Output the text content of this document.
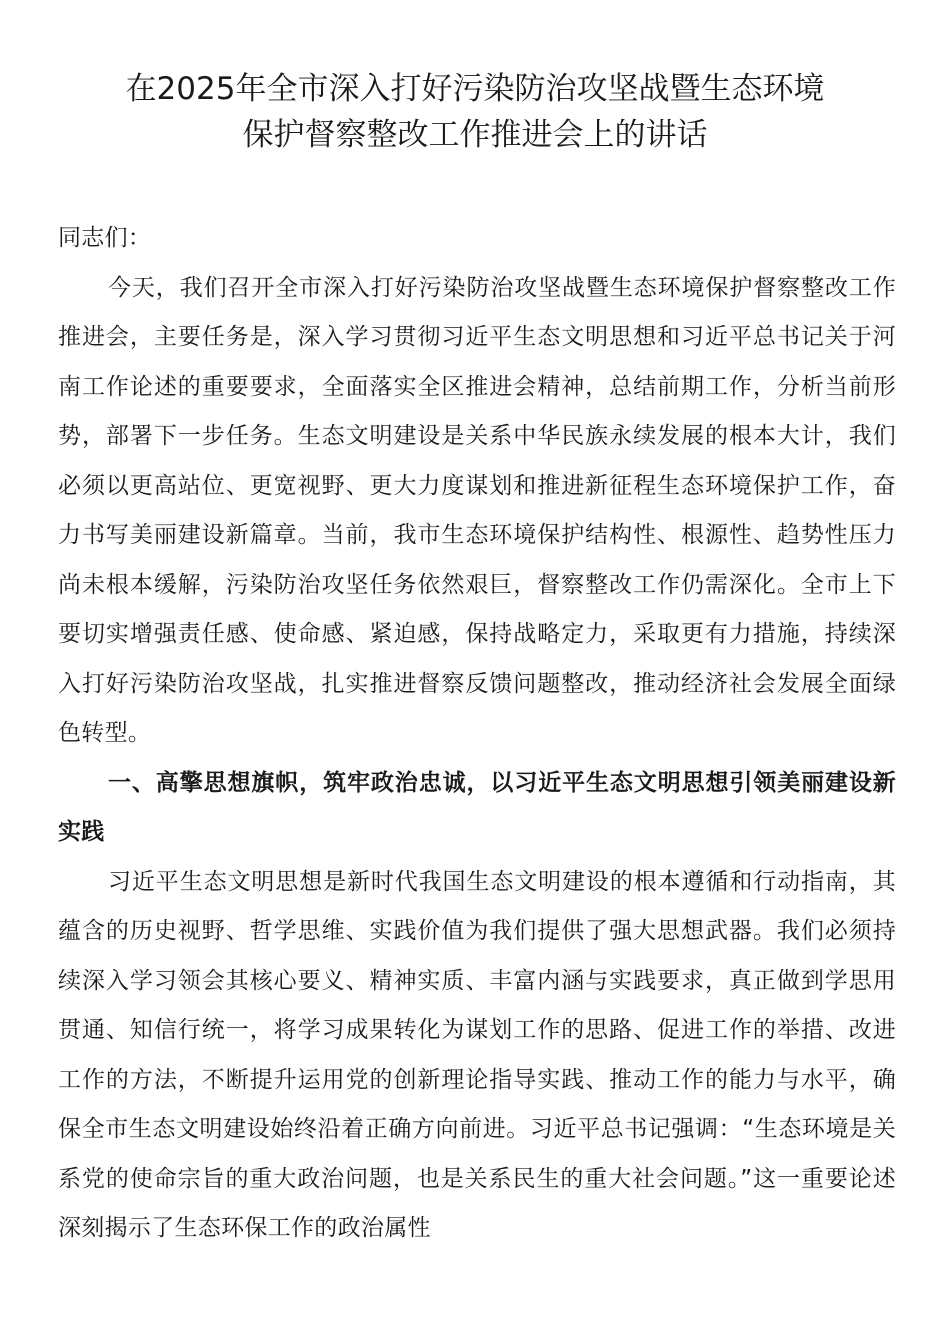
在2025年全市深入打好污染防治攻坚战暨生态环境
保护督察整改工作推进会上的讲话

同志们：

今天，我们召开全市深入打好污染防治攻坚战暨生态环境保护督察整改工作推进会，主要任务是，深入学习贯彻习近平生态文明思想和习近平总书记关于河南工作论述的重要要求，全面落实全区推进会精神，总结前期工作，分析当前形势，部署下一步任务。生态文明建设是关系中华民族永续发展的根本大计，我们必须以更高站位、更宽视野、更大力度谋划和推进新征程生态环境保护工作，奋力书写美丽建设新篇章。当前，我市生态环境保护结构性、根源性、趋势性压力尚未根本缓解，污染防治攻坚任务依然艰巨，督察整改工作仍需深化。全市上下要切实增强责任感、使命感、紧迫感，保持战略定力，采取更有力措施，持续深入打好污染防治攻坚战，扎实推进督察反馈问题整改，推动经济社会发展全面绿色转型。

一、高擎思想旗帜，筑牢政治忠诚，以习近平生态文明思想引领美丽建设新实践

习近平生态文明思想是新时代我国生态文明建设的根本遵循和行动指南，其蕴含的历史视野、哲学思维、实践价值为我们提供了强大思想武器。我们必须持续深入学习领会其核心要义、精神实质、丰富内涵与实践要求，真正做到学思用贯通、知信行统一，将学习成果转化为谋划工作的思路、促进工作的举措、改进工作的方法，不断提升运用党的创新理论指导实践、推动工作的能力与水平，确保全市生态文明建设始终沿着正确方向前进。习近平总书记强调：“生态环境是关系党的使命宗旨的重大政治问题，也是关系民生的重大社会问题。”这一重要论述深刻揭示了生态环保工作的政治属性
